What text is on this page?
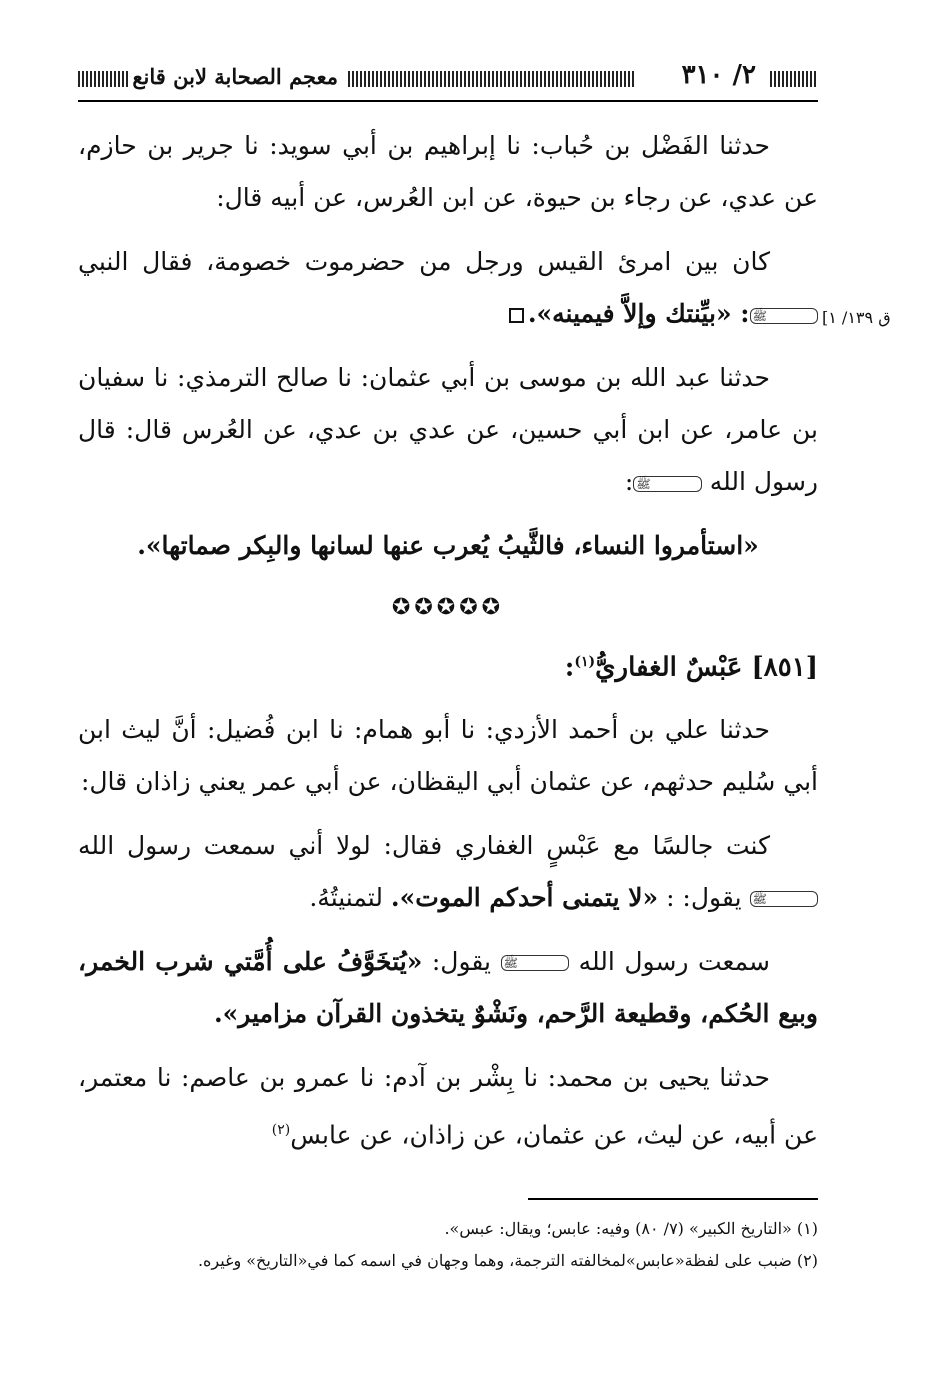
٢/ ٣١٠
معجم الصحابة لابن قانع

حدثنا الفَضْل بن حُباب: نا إبراهيم بن أبي سويد: نا جرير بن حازم، عن عدي، عن رجاء بن حيوة، عن ابن العُرس، عن أبيه قال:

كان بين امرئ القيس ورجل من حضرموت خصومة، فقال النبي ﷺ: «بيِّنتك وإلاَّ فيمينه».

حدثنا عبد الله بن موسى بن أبي عثمان: نا صالح الترمذي: نا سفيان بن عامر، عن ابن أبي حسين، عن عدي بن عدي، عن العُرس قال: قال رسول الله ﷺ:

«استأمروا النساء، فالثَّيبُ يُعرب عنها لسانها والبِكر صماتها».

✪✪✪✪✪

[٨٥١] عَبْسٌ الغفاريُّ$^{(١)}$:

حدثنا علي بن أحمد الأزدي: نا أبو همام: نا ابن فُضيل: أنَّ ليث ابن أبي سُليم حدثهم، عن عثمان أبي اليقظان، عن أبي عمر يعني زاذان قال:

كنت جالسًا مع عَبْسٍ الغفاري فقال: لولا أني سمعت رسول الله ﷺ يقول: : «لا يتمنى أحدكم الموت». لتمنيتُهُ.

سمعت رسول الله ﷺ يقول: «يُتخَوَّفُ على أُمَّتي شرب الخمر، وبيع الحُكم، وقطيعة الرَّحم، ونَشْوٌ يتخذون القرآن مزامير».

حدثنا يحيى بن محمد: نا بِشْر بن آدم: نا عمرو بن عاصم: نا معتمر، عن أبيه، عن ليث، عن عثمان، عن زاذان، عن عابس$^{(٢)}$

(١) «التاريخ الكبير» (٧/ ٨٠) وفيه: عابس؛ ويقال: عبس».

(٢) ضبب على لفظة«عابس»لمخالفته الترجمة، وهما وجهان في اسمه كما في«التاريخ» وغيره.

ق ١٣٩/ ١]
